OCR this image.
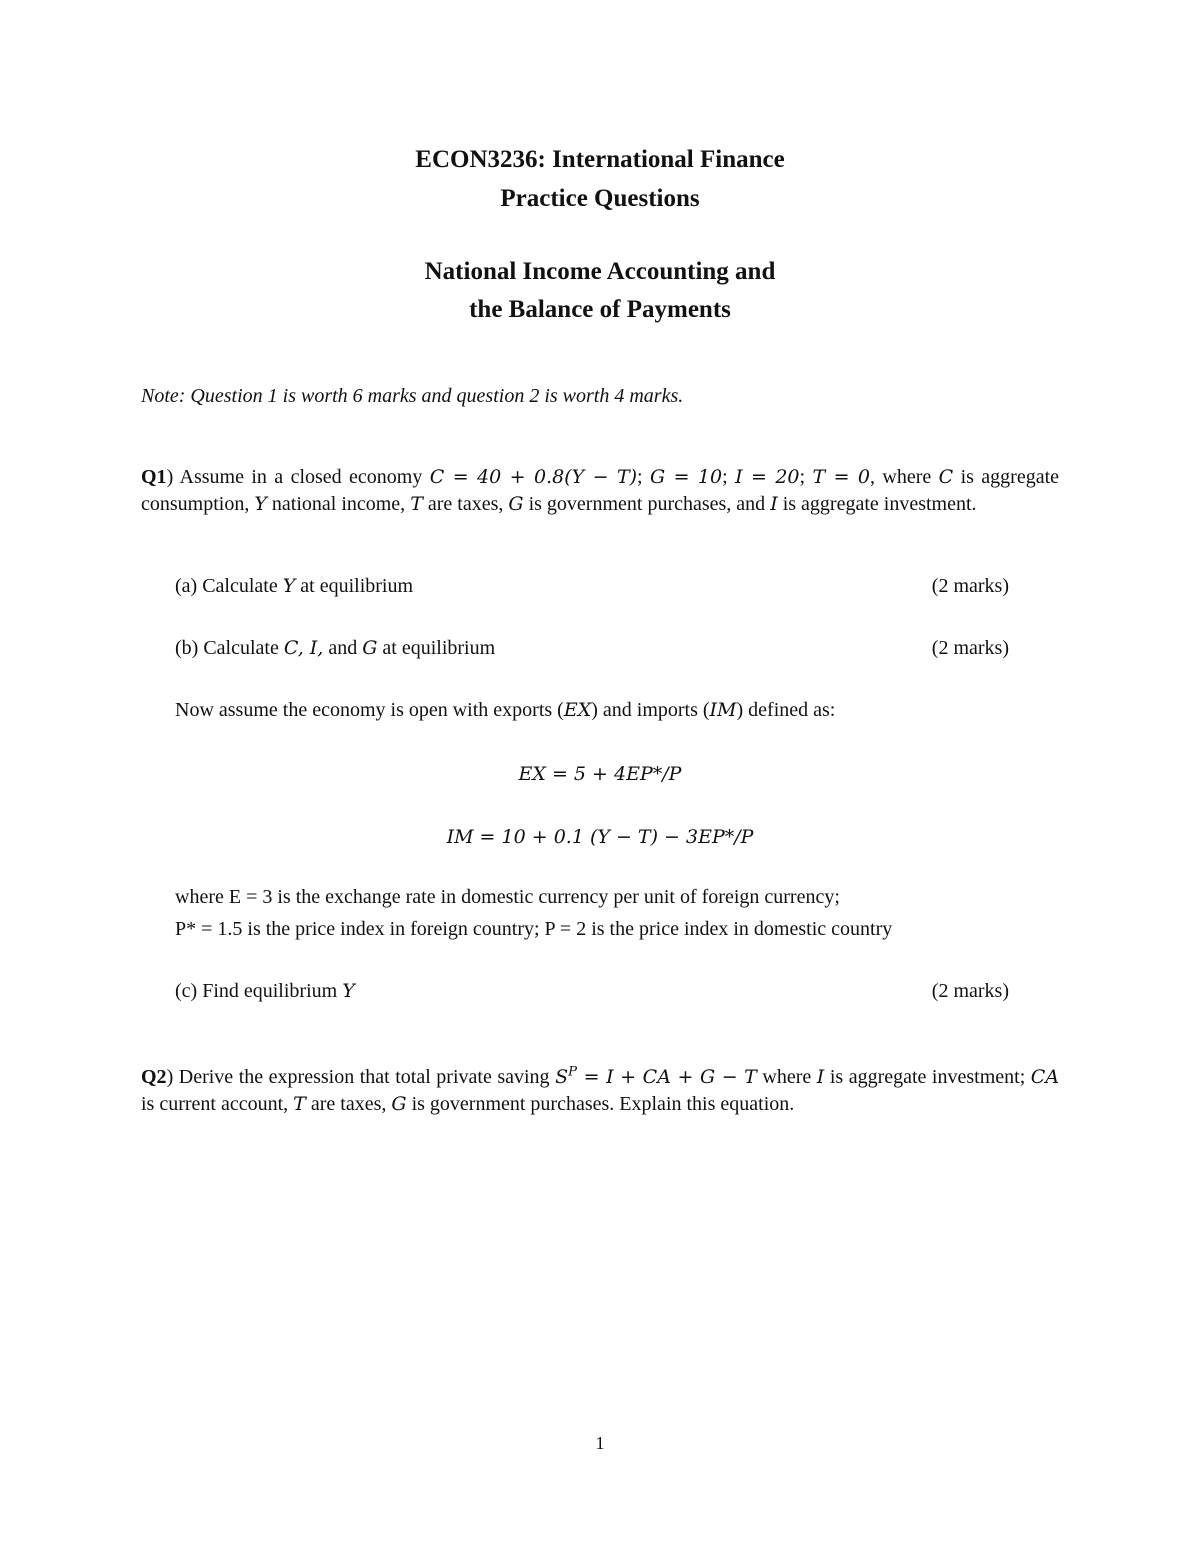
ECON3236: International Finance
Practice Questions
National Income Accounting and
the Balance of Payments
Note: Question 1 is worth 6 marks and question 2 is worth 4 marks.
Q1) Assume in a closed economy C = 40 + 0.8(Y − T); G = 10; I = 20; T = 0, where C is aggregate consumption, Y national income, T are taxes, G is government purchases, and I is aggregate investment.
(a) Calculate Y at equilibrium	(2 marks)
(b) Calculate C, I, and G at equilibrium	(2 marks)
Now assume the economy is open with exports (EX) and imports (IM) defined as:
EX = 5 + 4EP*/P
IM = 10 + 0.1 (Y − T) − 3EP*/P
where E = 3 is the exchange rate in domestic currency per unit of foreign currency;
P* = 1.5 is the price index in foreign country; P = 2 is the price index in domestic country
(c) Find equilibrium Y	(2 marks)
Q2) Derive the expression that total private saving $S^P = I$ + CA + G − T where I is aggregate investment; CA is current account, T are taxes, G is government purchases. Explain this equation.
1
